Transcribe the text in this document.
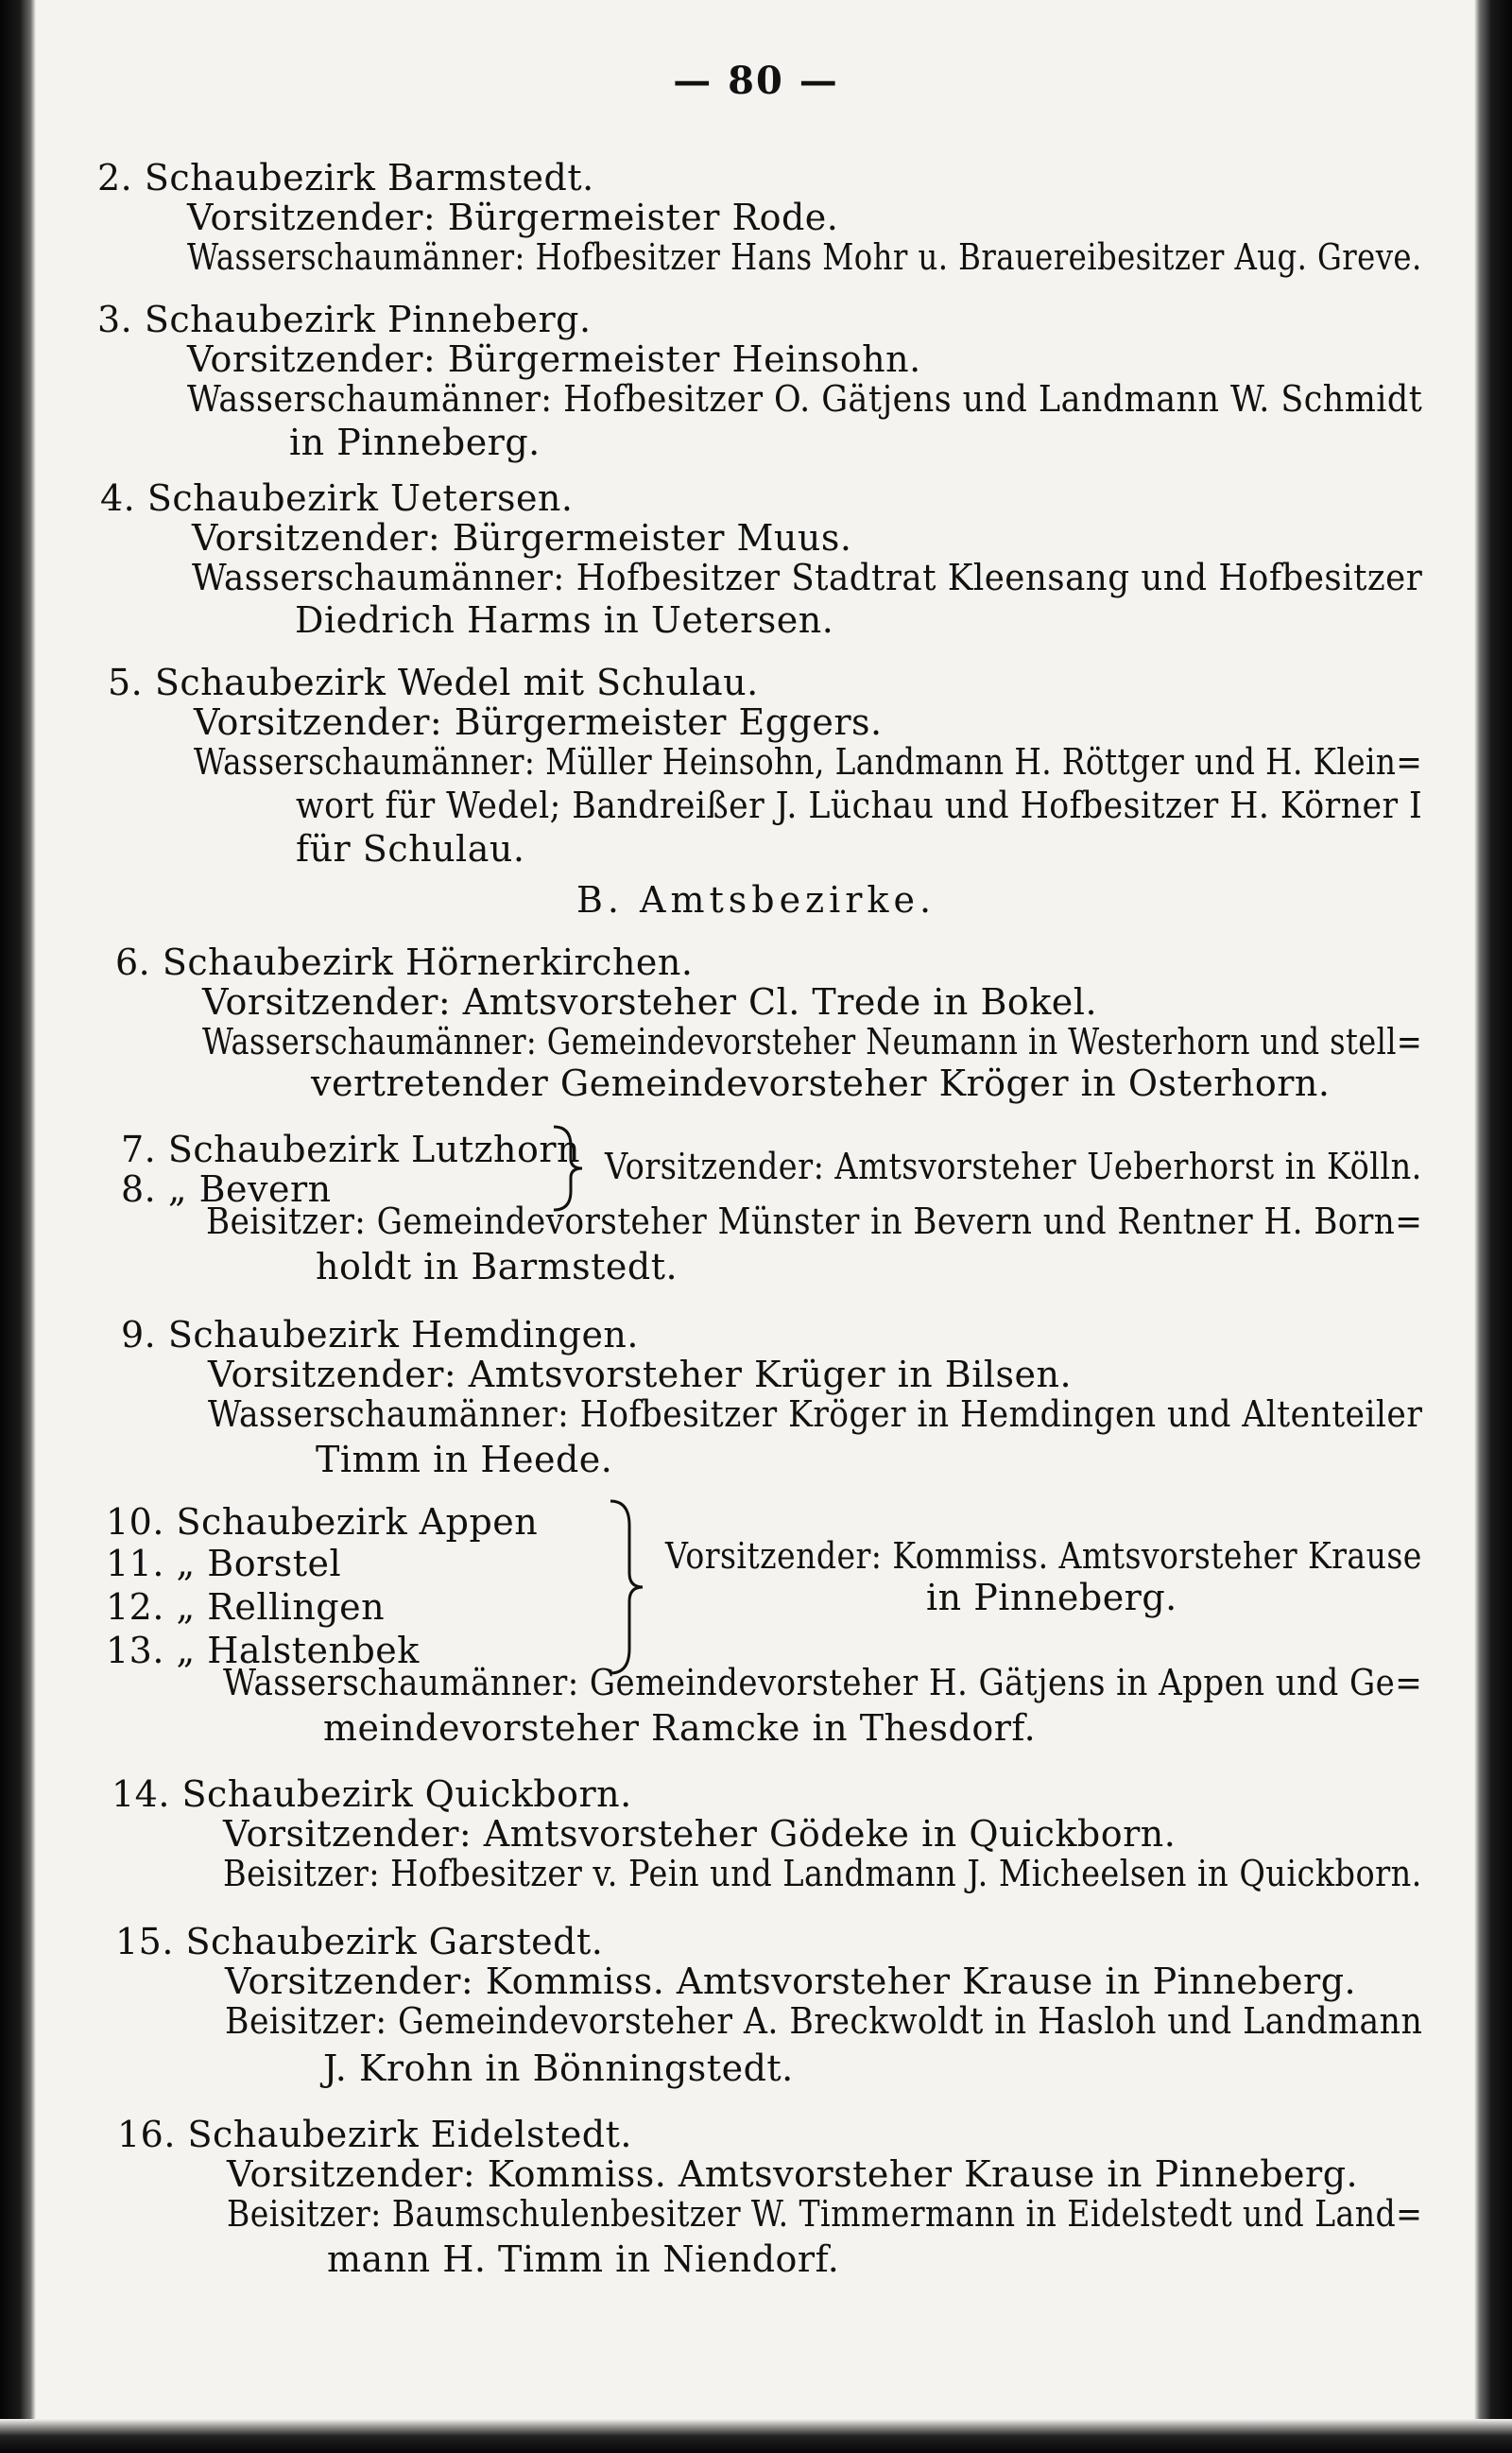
— 80 —
2. Schaubezirk Barmstedt.
Vorsitzender: Bürgermeister Rode.
Wasserschaumänner: Hofbesitzer Hans Mohr u. Brauereibesitzer Aug. Greve.
3. Schaubezirk Pinneberg.
Vorsitzender: Bürgermeister Heinsohn.
Wasserschaumänner: Hofbesitzer O. Gätjens und Landmann W. Schmidt
in Pinneberg.
4. Schaubezirk Uetersen.
Vorsitzender: Bürgermeister Muus.
Wasserschaumänner: Hofbesitzer Stadtrat Kleensang und Hofbesitzer
Diedrich Harms in Uetersen.
5. Schaubezirk Wedel mit Schulau.
Vorsitzender: Bürgermeister Eggers.
Wasserschaumänner: Müller Heinsohn, Landmann H. Röttger und H. Klein=
wort für Wedel; Bandreißer J. Lüchau und Hofbesitzer H. Körner I
für Schulau.
B. Amtsbezirke.
6. Schaubezirk Hörnerkirchen.
Vorsitzender: Amtsvorsteher Cl. Trede in Bokel.
Wasserschaumänner: Gemeindevorsteher Neumann in Westerhorn und stell=
vertretender Gemeindevorsteher Kröger in Osterhorn.
7. Schaubezirk Lutzhorn
8. „ Bevern
Vorsitzender: Amtsvorsteher Ueberhorst in Kölln.
Beisitzer: Gemeindevorsteher Münster in Bevern und Rentner H. Born=
holdt in Barmstedt.
9. Schaubezirk Hemdingen.
Vorsitzender: Amtsvorsteher Krüger in Bilsen.
Wasserschaumänner: Hofbesitzer Kröger in Hemdingen und Altenteiler
Timm in Heede.
10. Schaubezirk Appen
11. „ Borstel
12. „ Rellingen
13. „ Halstenbek
Vorsitzender: Kommiss. Amtsvorsteher Krause
in Pinneberg.
Wasserschaumänner: Gemeindevorsteher H. Gätjens in Appen und Ge=
meindevorsteher Ramcke in Thesdorf.
14. Schaubezirk Quickborn.
Vorsitzender: Amtsvorsteher Gödeke in Quickborn.
Beisitzer: Hofbesitzer v. Pein und Landmann J. Micheelsen in Quickborn.
15. Schaubezirk Garstedt.
Vorsitzender: Kommiss. Amtsvorsteher Krause in Pinneberg.
Beisitzer: Gemeindevorsteher A. Breckwoldt in Hasloh und Landmann
J. Krohn in Bönningstedt.
16. Schaubezirk Eidelstedt.
Vorsitzender: Kommiss. Amtsvorsteher Krause in Pinneberg.
Beisitzer: Baumschulenbesitzer W. Timmermann in Eidelstedt und Land=
mann H. Timm in Niendorf.
